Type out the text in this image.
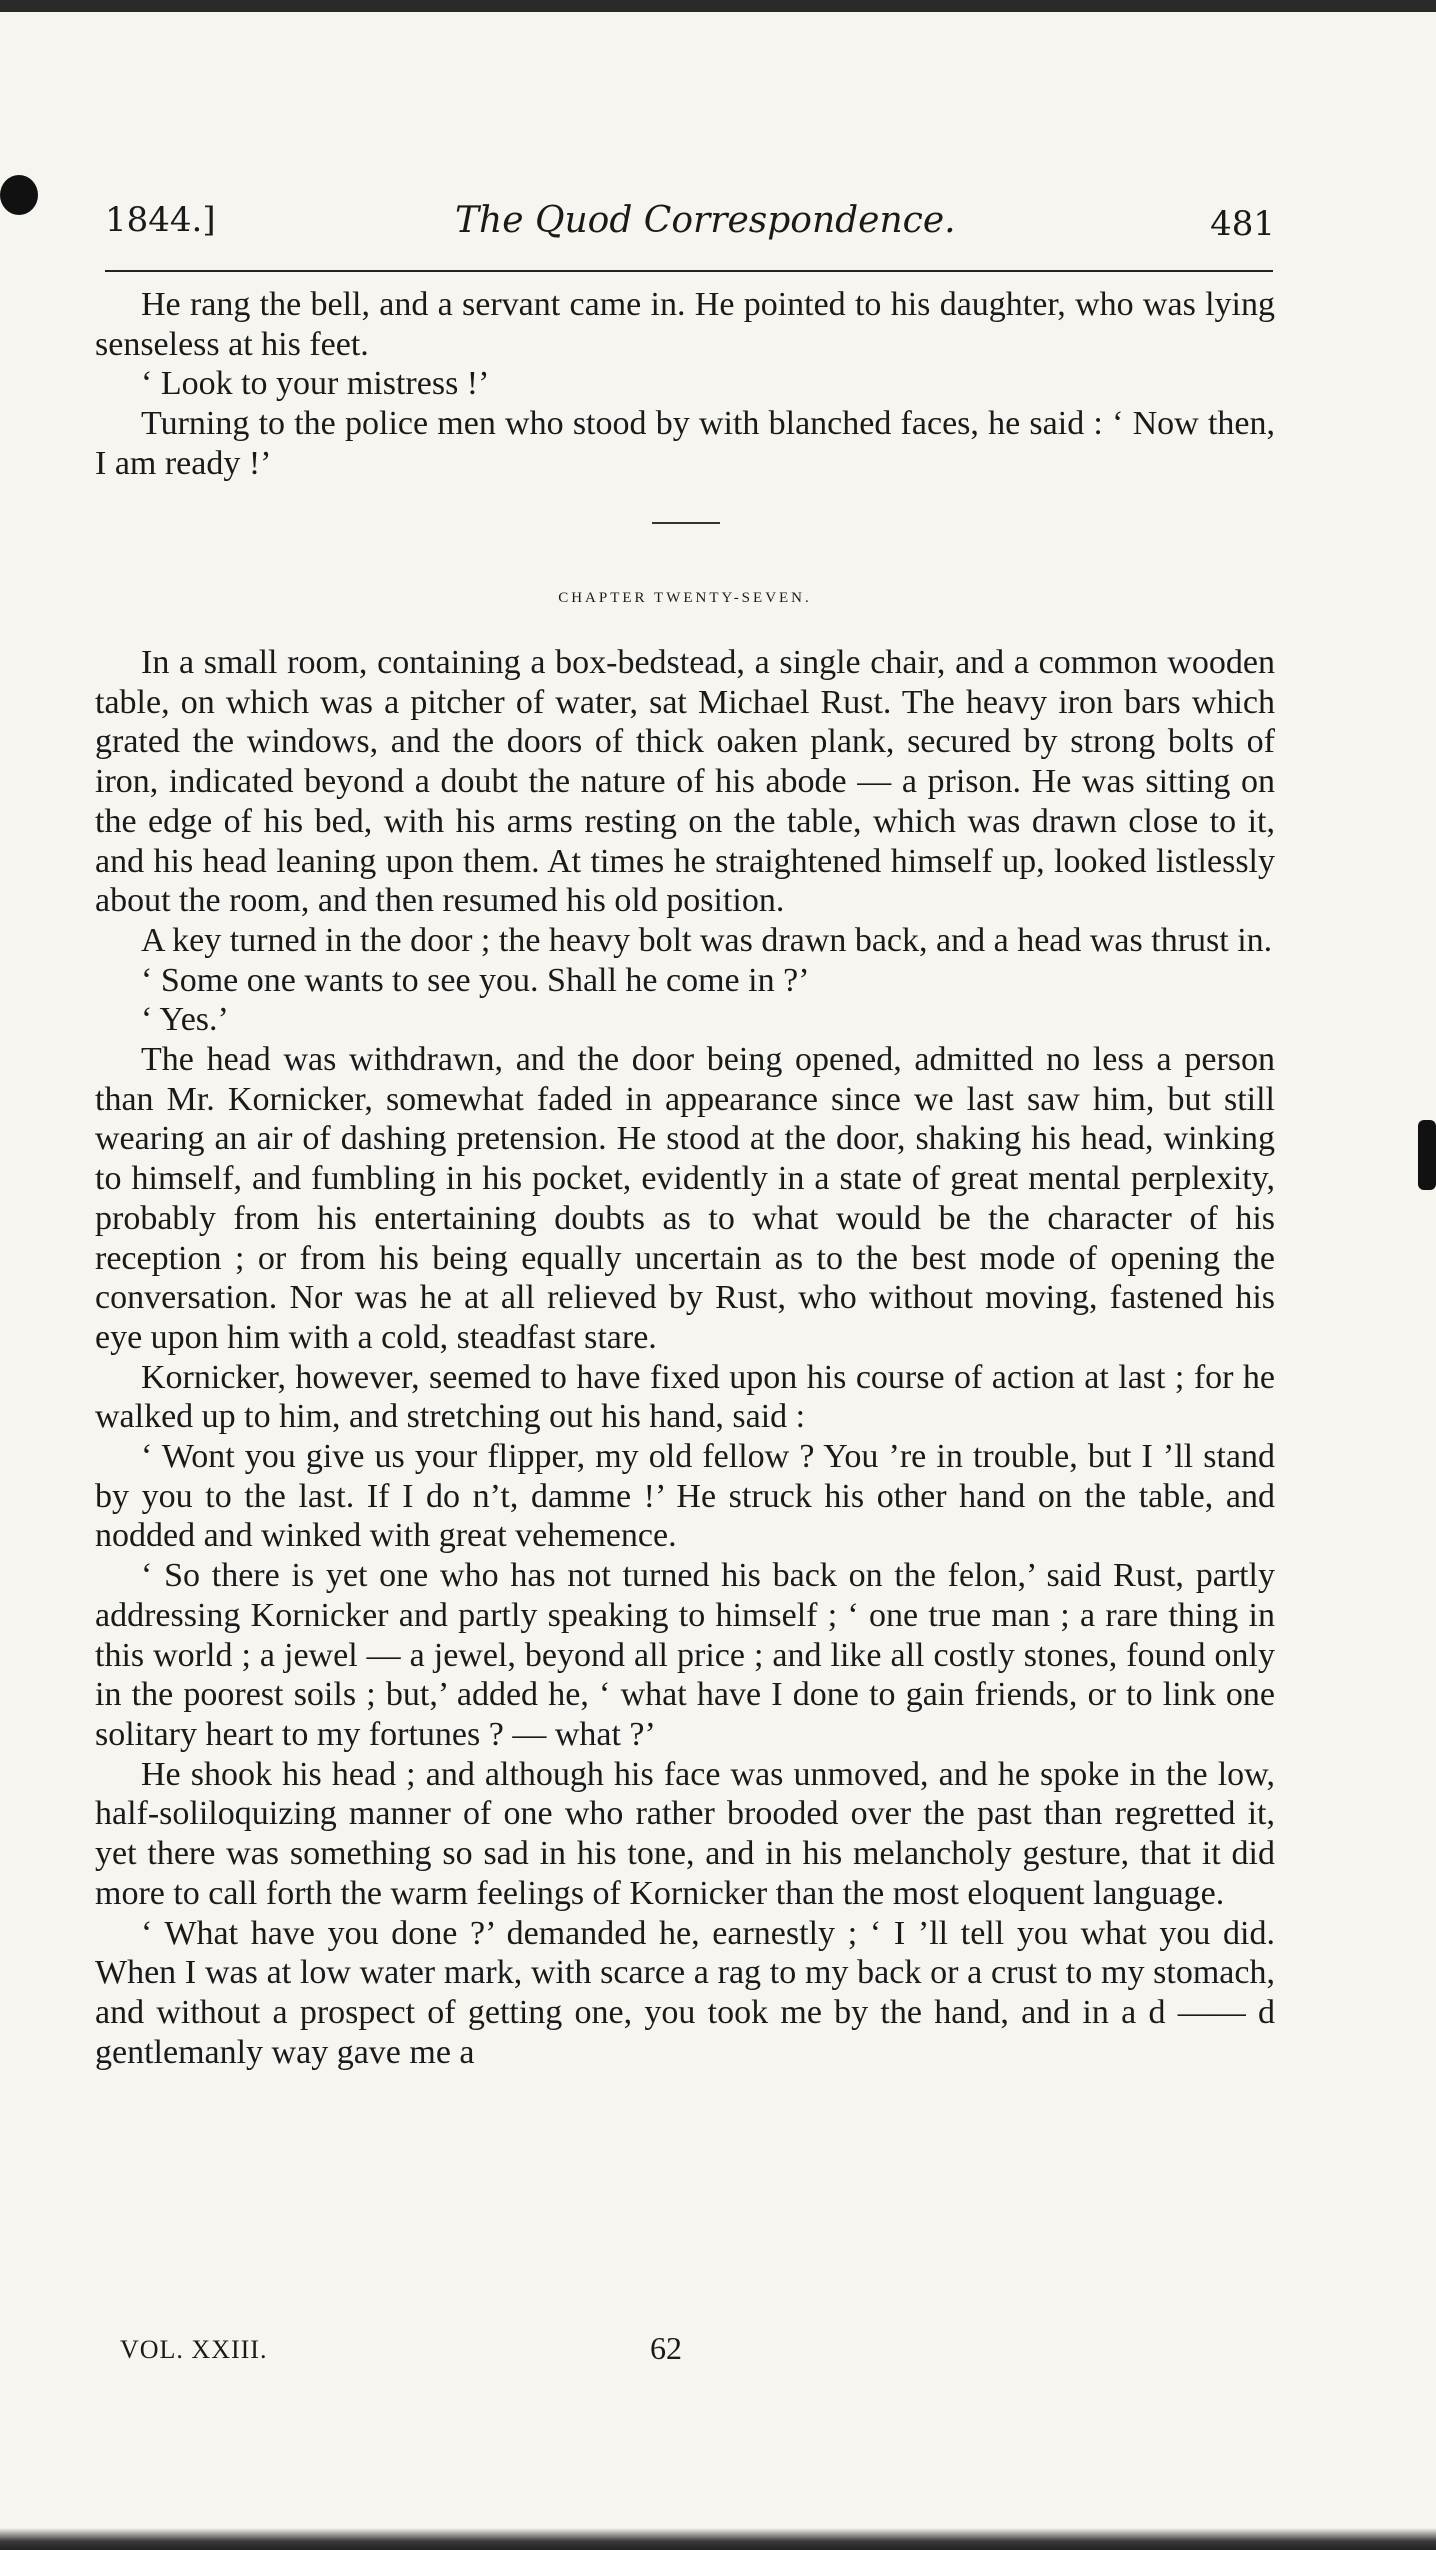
1844.]	The Quod Correspondence.	481

He rang the bell, and a servant came in. He pointed to his daughter, who was lying senseless at his feet.

‘ Look to your mistress !’

Turning to the police men who stood by with blanched faces, he said : ‘ Now then, I am ready !’

CHAPTER TWENTY-SEVEN.

In a small room, containing a box-bedstead, a single chair, and a common wooden table, on which was a pitcher of water, sat Michael Rust. The heavy iron bars which grated the windows, and the doors of thick oaken plank, secured by strong bolts of iron, indicated beyond a doubt the nature of his abode — a prison. He was sitting on the edge of his bed, with his arms resting on the table, which was drawn close to it, and his head leaning upon them. At times he straightened himself up, looked listlessly about the room, and then resumed his old position.

A key turned in the door ; the heavy bolt was drawn back, and a head was thrust in.

‘ Some one wants to see you. Shall he come in ?’

‘ Yes.’

The head was withdrawn, and the door being opened, admitted no less a person than Mr. Kornicker, somewhat faded in appearance since we last saw him, but still wearing an air of dashing pretension. He stood at the door, shaking his head, winking to himself, and fumbling in his pocket, evidently in a state of great mental perplexity, probably from his entertaining doubts as to what would be the character of his reception ; or from his being equally uncertain as to the best mode of opening the conversation. Nor was he at all relieved by Rust, who without moving, fastened his eye upon him with a cold, steadfast stare.

Kornicker, however, seemed to have fixed upon his course of action at last ; for he walked up to him, and stretching out his hand, said :

‘ Wont you give us your flipper, my old fellow ? You ’re in trouble, but I ’ll stand by you to the last. If I do n’t, damme !’ He struck his other hand on the table, and nodded and winked with great vehemence.

‘ So there is yet one who has not turned his back on the felon,’ said Rust, partly addressing Kornicker and partly speaking to himself ; ‘ one true man ; a rare thing in this world ; a jewel — a jewel, beyond all price ; and like all costly stones, found only in the poorest soils ; but,’ added he, ‘ what have I done to gain friends, or to link one solitary heart to my fortunes ? — what ?’

He shook his head ; and although his face was unmoved, and he spoke in the low, half-soliloquizing manner of one who rather brooded over the past than regretted it, yet there was something so sad in his tone, and in his melancholy gesture, that it did more to call forth the warm feelings of Kornicker than the most eloquent language.

‘ What have you done ?’ demanded he, earnestly ; ‘ I ’ll tell you what you did. When I was at low water mark, with scarce a rag to my back or a crust to my stomach, and without a prospect of getting one, you took me by the hand, and in a d —— d gentlemanly way gave me a

VOL. XXIII.	62
